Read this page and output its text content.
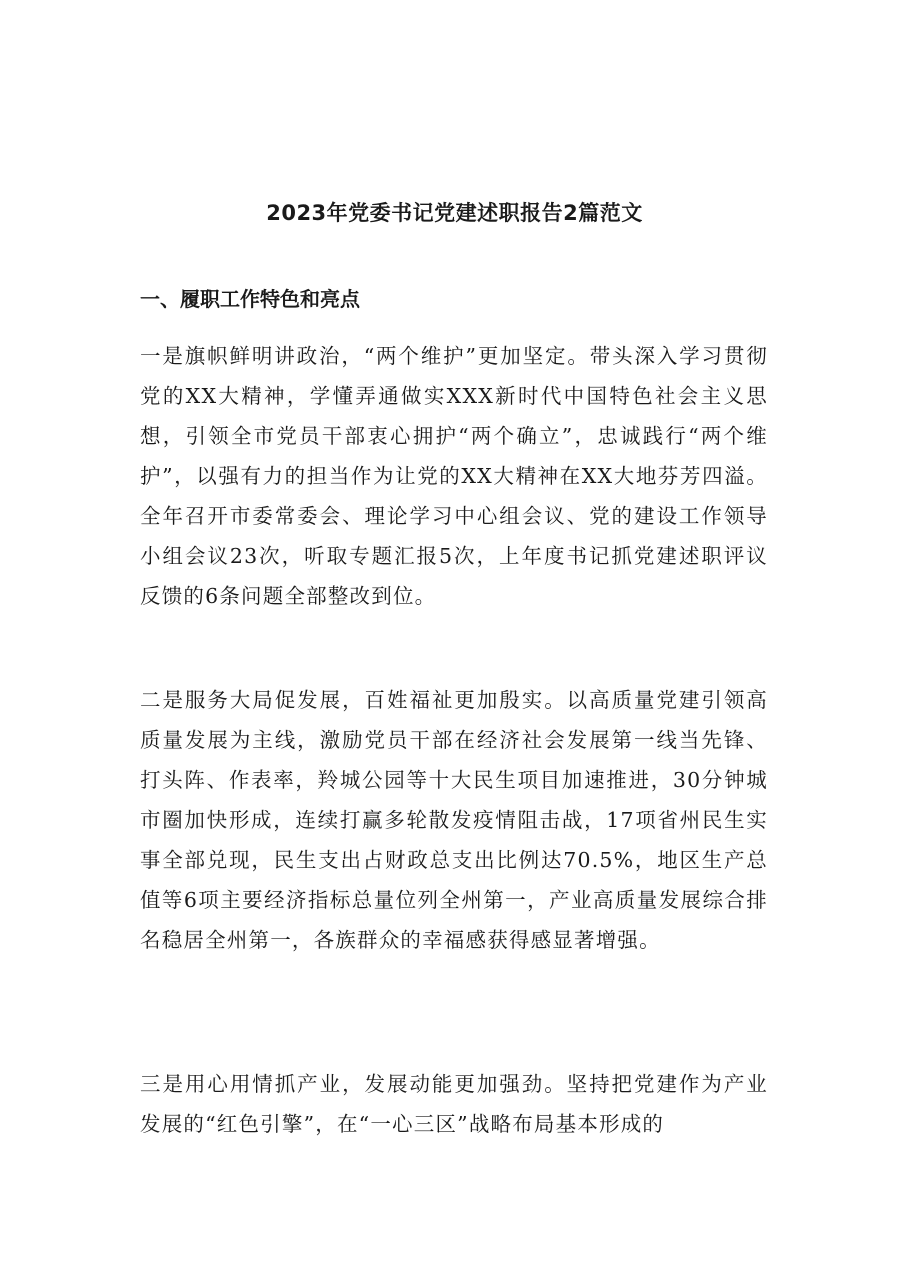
2023年党委书记党建述职报告2篇范文
一、履职工作特色和亮点

一是旗帜鲜明讲政治，“两个维护”更加坚定。带头深入学习贯彻党的XX大精神，学懂弄通做实XXX新时代中国特色社会主义思想，引领全市党员干部衷心拥护“两个确立”，忠诚践行“两个维护”，以强有力的担当作为让党的XX大精神在XX大地芬芳四溢。全年召开市委常委会、理论学习中心组会议、党的建设工作领导小组会议23次，听取专题汇报5次，上年度书记抓党建述职评议反馈的6条问题全部整改到位。

二是服务大局促发展，百姓福祉更加殷实。以高质量党建引领高质量发展为主线，激励党员干部在经济社会发展第一线当先锋、打头阵、作表率，羚城公园等十大民生项目加速推进，30分钟城市圈加快形成，连续打赢多轮散发疫情阻击战，17项省州民生实事全部兑现，民生支出占财政总支出比例达70.5%，地区生产总值等6项主要经济指标总量位列全州第一，产业高质量发展综合排名稳居全州第一，各族群众的幸福感获得感显著增强。

三是用心用情抓产业，发展动能更加强劲。坚持把党建作为产业发展的“红色引擎”，在“一心三区”战略布局基本形成的
